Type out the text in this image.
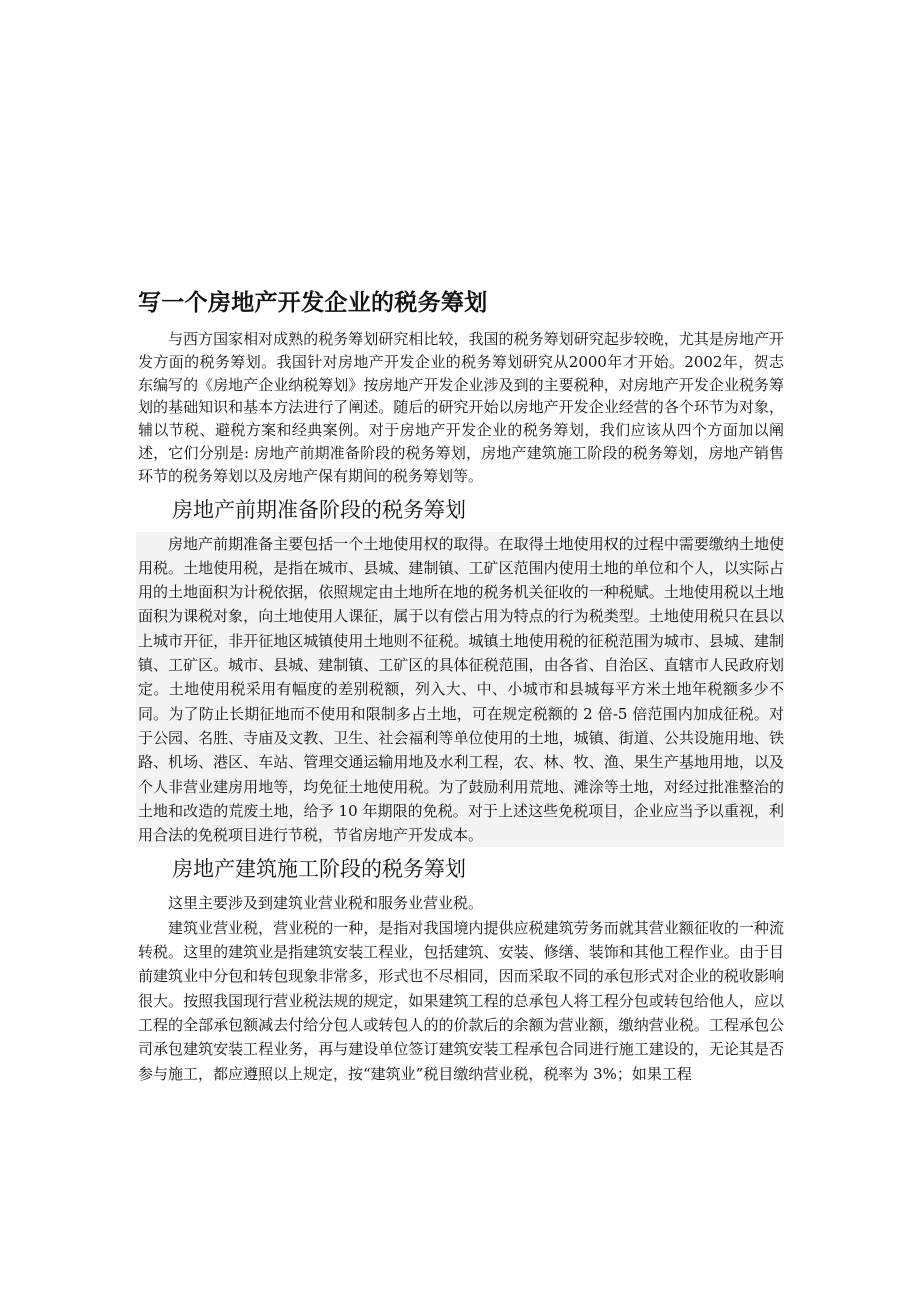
写一个房地产开发企业的税务筹划

与西方国家相对成熟的税务筹划研究相比较，我国的税务筹划研究起步较晚，尤其是房地产开发方面的税务筹划。我国针对房地产开发企业的税务筹划研究从2000年才开始。2002年，贺志东编写的《房地产企业纳税筹划》按房地产开发企业涉及到的主要税种，对房地产开发企业税务筹划的基础知识和基本方法进行了阐述。随后的研究开始以房地产开发企业经营的各个环节为对象，辅以节税、避税方案和经典案例。对于房地产开发企业的税务筹划，我们应该从四个方面加以阐述，它们分别是: 房地产前期准备阶段的税务筹划，房地产建筑施工阶段的税务筹划，房地产销售环节的税务筹划以及房地产保有期间的税务筹划等。

房地产前期准备阶段的税务筹划

房地产前期准备主要包括一个土地使用权的取得。在取得土地使用权的过程中需要缴纳土地使用税。土地使用税，是指在城市、县城、建制镇、工矿区范围内使用土地的单位和个人，以实际占用的土地面积为计税依据，依照规定由土地所在地的税务机关征收的一种税赋。土地使用税以土地面积为课税对象，向土地使用人课征，属于以有偿占用为特点的行为税类型。土地使用税只在县以上城市开征，非开征地区城镇使用土地则不征税。城镇土地使用税的征税范围为城市、县城、建制镇、工矿区。城市、县城、建制镇、工矿区的具体征税范围，由各省、自治区、直辖市人民政府划定。土地使用税采用有幅度的差别税额，列入大、中、小城市和县城每平方米土地年税额多少不同。为了防止长期征地而不使用和限制多占土地，可在规定税额的 2 倍-5 倍范围内加成征税。对于公园、名胜、寺庙及文教、卫生、社会福利等单位使用的土地，城镇、街道、公共设施用地、铁路、机场、港区、车站、管理交通运输用地及水利工程，农、林、牧、渔、果生产基地用地，以及个人非营业建房用地等，均免征土地使用税。为了鼓励利用荒地、滩涂等土地，对经过批准整治的土地和改造的荒废土地，给予 10 年期限的免税。对于上述这些免税项目，企业应当予以重视，利用合法的免税项目进行节税，节省房地产开发成本。

房地产建筑施工阶段的税务筹划

这里主要涉及到建筑业营业税和服务业营业税。

建筑业营业税，营业税的一种，是指对我国境内提供应税建筑劳务而就其营业额征收的一种流转税。这里的建筑业是指建筑安装工程业，包括建筑、安装、修缮、装饰和其他工程作业。由于目前建筑业中分包和转包现象非常多，形式也不尽相同，因而采取不同的承包形式对企业的税收影响很大。按照我国现行营业税法规的规定，如果建筑工程的总承包人将工程分包或转包给他人，应以工程的全部承包额减去付给分包人或转包人的的价款后的余额为营业额，缴纳营业税。工程承包公司承包建筑安装工程业务，再与建设单位签订建筑安装工程承包合同进行施工建设的，无论其是否参与施工，都应遵照以上规定，按“建筑业”税目缴纳营业税，税率为 3%；如果工程
